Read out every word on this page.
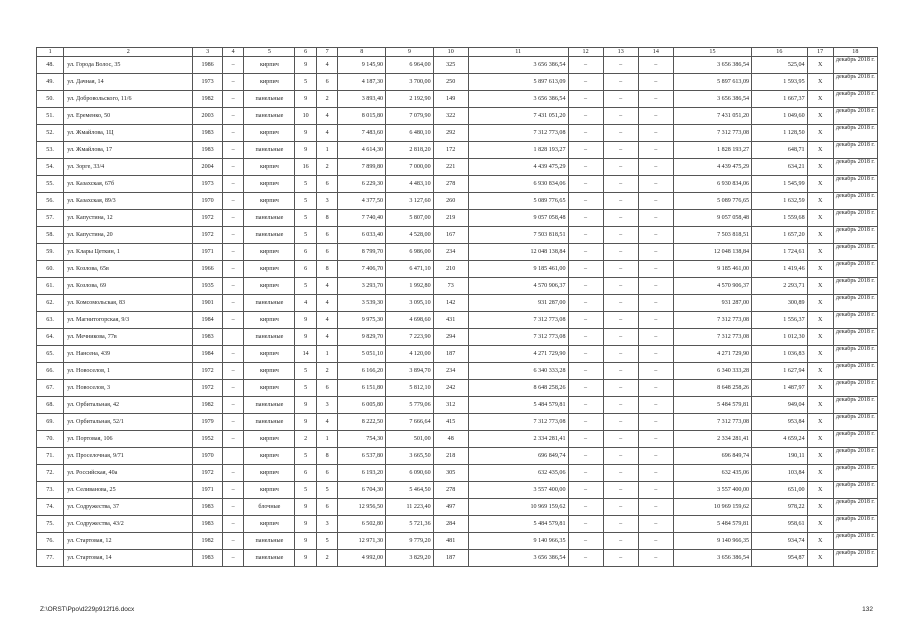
1	2	3	4	5	6	7	8	9	10	11	12	13	14	15	16	17	18
48.	ул. Города Волос, 35	1986	–	кирпич	9	4	9 145,90	6 964,00	325	3 656 386,54	–	–	–	3 656 386,54	525,04	Х	декабрь 2018 г.
49.	ул. Дачная, 14	1973	–	кирпич	5	6	4 187,30	3 700,00	250	5 897 613,09	–	–	–	5 897 613,09	1 593,95	Х	декабрь 2018 г.
50.	ул. Добровольского, 11/6	1982	–	панельные	9	2	3 893,40	2 192,90	149	3 656 386,54	–	–	–	3 656 386,54	1 667,37	Х	декабрь 2018 г.
51.	ул. Еременко, 50	2003	–	панельные	10	4	8 015,80	7 079,90	322	7 431 051,20	–	–	–	7 431 051,20	1 049,60	Х	декабрь 2018 г.
52.	ул. Жмайлова, 1Ц	1983	–	кирпич	9	4	7 483,60	6 480,10	292	7 312 773,08	–	–	–	7 312 773,08	1 128,50	Х	декабрь 2018 г.
53.	ул. Жмайлова, 17	1983	–	панельные	9	1	4 614,30	2 818,20	172	1 828 193,27	–	–	–	1 828 193,27	648,71	Х	декабрь 2018 г.
54.	ул. Зорге, 33/4	2004	–	кирпич	16	2	7 899,80	7 000,00	221	4 439 475,29	–	–	–	4 439 475,29	634,21	Х	декабрь 2018 г.
55.	ул. Казахская, 67б	1973	–	кирпич	5	6	6 229,30	4 483,10	278	6 930 834,06	–	–	–	6 930 834,06	1 545,99	Х	декабрь 2018 г.
56.	ул. Казахская, 89/3	1970	–	кирпич	5	3	4 377,50	3 127,60	260	5 089 776,65	–	–	–	5 089 776,65	1 632,59	Х	декабрь 2018 г.
57.	ул. Капустина, 12	1972	–	панельные	5	8	7 740,40	5 807,00	219	9 057 058,48	–	–	–	9 057 058,48	1 559,68	Х	декабрь 2018 г.
58.	ул. Капустина, 20	1972	–	панельные	5	6	6 033,40	4 528,00	167	7 503 818,51	–	–	–	7 503 818,51	1 657,20	Х	декабрь 2018 г.
59.	ул. Клары Цеткин, 1	1971	–	кирпич	6	6	8 799,70	6 986,00	234	12 048 138,84	–	–	–	12 048 138,84	1 724,61	Х	декабрь 2018 г.
60.	ул. Козлова, 65в	1966	–	кирпич	6	8	7 406,70	6 471,10	210	9 185 461,00	–	–	–	9 185 461,00	1 419,46	Х	декабрь 2018 г.
61.	ул. Козлова, 69	1935	–	кирпич	5	4	3 293,70	1 992,80	73	4 570 906,37	–	–	–	4 570 906,37	2 293,71	Х	декабрь 2018 г.
62.	ул. Комсомольская, 83	1901	–	панельные	4	4	3 539,30	3 095,10	142	931 287,00	–	–	–	931 287,00	300,89	Х	декабрь 2018 г.
63.	ул. Магнитогорская, 9/3	1984	–	кирпич	9	4	9 975,30	4 698,60	431	7 312 773,08	–	–	–	7 312 773,08	1 556,37	Х	декабрь 2018 г.
64.	ул. Мечникова, 77в	1983		панельные	9	4	9 829,70	7 223,90	294	7 312 773,08	–	–	–	7 312 773,08	1 012,30	Х	декабрь 2018 г.
65.	ул. Нансена, 439	1984	–	кирпич	14	1	5 051,10	4 120,00	187	4 271 729,90	–	–	–	4 271 729,90	1 036,83	Х	декабрь 2018 г.
66.	ул. Новоселов, 1	1972	–	кирпич	5	2	6 166,20	3 894,70	234	6 340 333,28	–	–	–	6 340 333,28	1 627,94	Х	декабрь 2018 г.
67.	ул. Новоселов, 3	1972	–	кирпич	5	6	6 151,80	5 812,10	242	8 648 258,26	–	–	–	8 648 258,26	1 487,97	Х	декабрь 2018 г.
68.	ул. Орбитальная, 42	1982	–	панельные	9	3	6 005,80	5 779,06	312	5 484 579,81	–	–	–	5 484 579,81	949,04	Х	декабрь 2018 г.
69.	ул. Орбитальная, 52/1	1979	–	панельные	9	4	8 222,50	7 666,64	415	7 312 773,08	–	–	–	7 312 773,08	953,84	Х	декабрь 2018 г.
70.	ул. Портовая, 106	1952	–	кирпич	2	1	754,30	501,00	48	2 334 281,41	–	–	–	2 334 281,41	4 659,24	Х	декабрь 2018 г.
71.	ул. Проселочная, 9/71	1970		кирпич	5	8	6 537,80	3 665,50	218	696 849,74	–	–	–	696 849,74	190,11	Х	декабрь 2018 г.
72.	ул. Российская, 40а	1972	–	кирпич	6	6	6 193,20	6 090,60	305	632 435,06	–	–	–	632 435,06	103,84	Х	декабрь 2018 г.
73.	ул. Селиванова, 25	1971	–	кирпич	5	5	6 704,30	5 464,50	278	3 557 400,00	–	–	–	3 557 400,00	651,00	Х	декабрь 2018 г.
74.	ул. Содружества, 37	1983	–	блочные	9	6	12 956,50	11 223,40	497	10 969 159,62	–	–	–	10 969 159,62	978,22	Х	декабрь 2018 г.
75.	ул. Содружества, 43/2	1983	–	кирпич	9	3	6 502,80	5 721,36	284	5 484 579,81	–	–	–	5 484 579,81	958,61	Х	декабрь 2018 г.
76.	ул. Стартовая, 12	1982	–	панельные	9	5	12 971,30	9 779,20	481	9 140 966,35	–	–	–	9 140 966,35	934,74	Х	декабрь 2018 г.
77.	ул. Стартовая, 14	1983	–	панельные	9	2	4 992,00	3 829,20	187	3 656 386,54	–	–	–	3 656 386,54	954,87	Х	декабрь 2018 г.
Z:\ORST\Ppo\d229p912f16.docx	132
